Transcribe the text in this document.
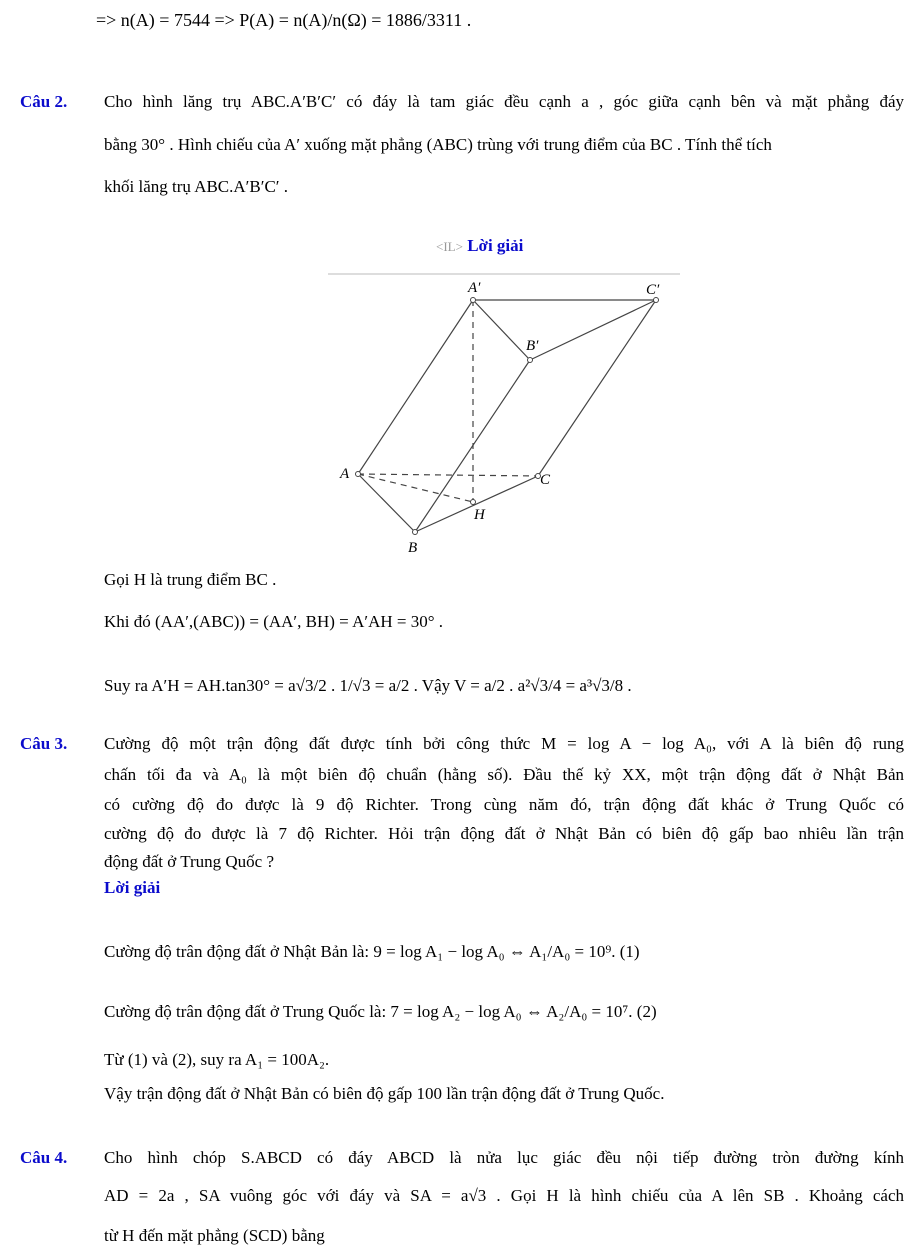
=> n(A) = 7544 => P(A) = n(A)/n(Ω) = 1886/3311 .
Câu 2. Cho hình lăng trụ ABC.A′B′C′ có đáy là tam giác đều cạnh a , góc giữa cạnh bên và mặt phẳng đáy
bằng 30° . Hình chiếu của A′ xuống mặt phẳng (ABC) trùng với trung điểm của BC . Tính thể tích
khối lăng trụ ABC.A′B′C′ .
<IL> Lời giải
A′	C′
B′
A	C
H
B
Gọi H là trung điểm BC .
Khi đó (AA′,(ABC)) = (AA′, BH) = A′AH = 30° .
Suy ra A′H = AH.tan30° = a√3/2 . 1/√3 = a/2 . Vậy V = a/2 . a²√3/4 = a³√3/8 .
Câu 3. Cường độ một trận động đất được tính bởi công thức M = log A − log A₀, với A là biên độ rung
chấn tối đa và A₀ là một biên độ chuẩn (hằng số). Đầu thế kỷ XX, một trận động đất ở Nhật Bản
có cường độ đo được là 9 độ Richter. Trong cùng năm đó, trận động đất khác ở Trung Quốc có
cường độ đo được là 7 độ Richter. Hỏi trận động đất ở Nhật Bản có biên độ gấp bao nhiêu lần trận
động đất ở Trung Quốc ?
Lời giải
Cường độ trân động đất ở Nhật Bản là: 9 = log A₁ − log A₀ ⇔ A₁/A₀ = 10⁹. (1)
Cường độ trân động đất ở Trung Quốc là: 7 = log A₂ − log A₀ ⇔ A₂/A₀ = 10⁷. (2)
Từ (1) và (2), suy ra A₁ = 100A₂.
Vậy trận động đất ở Nhật Bản có biên độ gấp 100 lần trận động đất ở Trung Quốc.
Câu 4. Cho hình chóp S.ABCD có đáy ABCD là nửa lục giác đều nội tiếp đường tròn đường kính
AD = 2a , SA vuông góc với đáy và SA = a√3 . Gọi H là hình chiếu của A lên SB . Khoảng cách
từ H đến mặt phẳng (SCD) bằng
